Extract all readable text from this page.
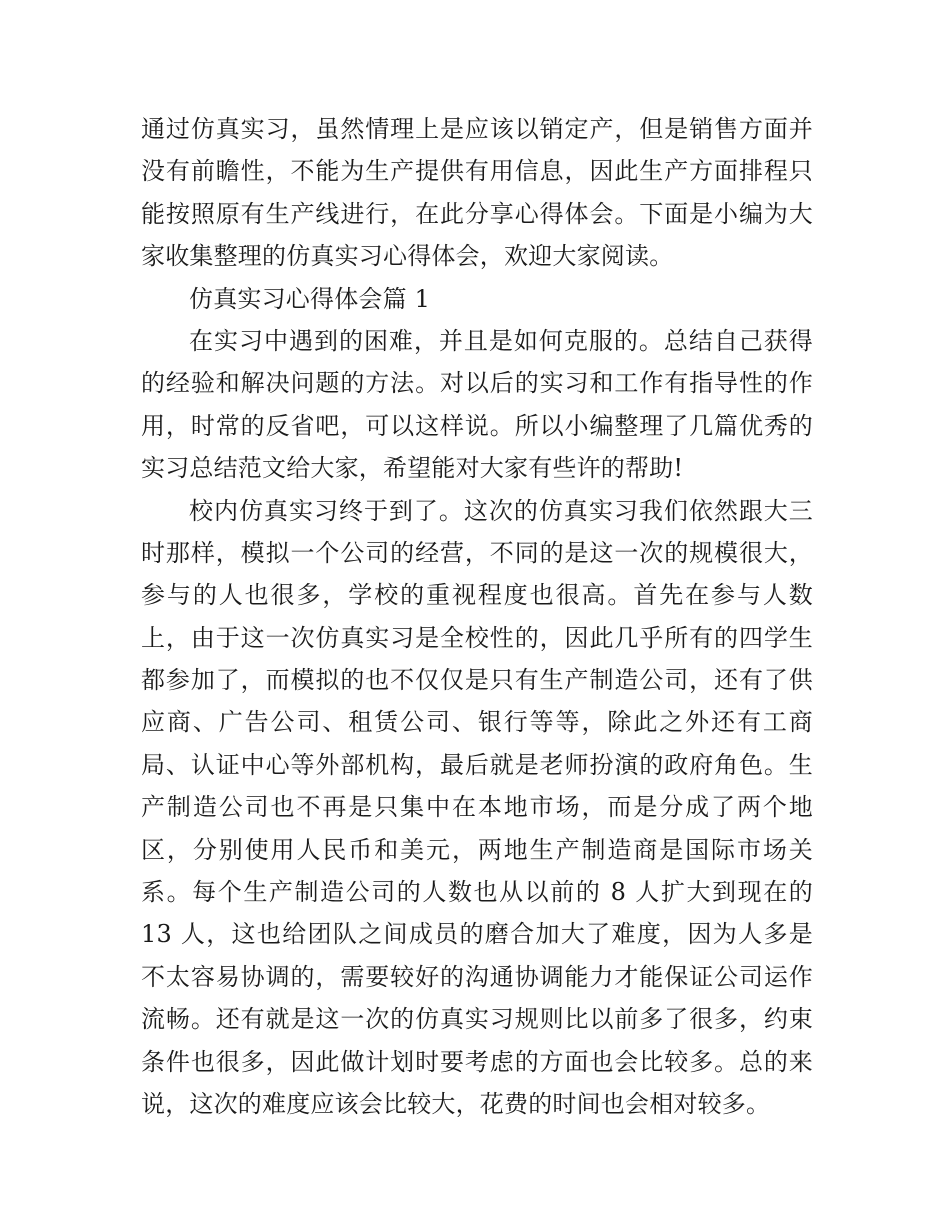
通过仿真实习，虽然情理上是应该以销定产，但是销售方面并
没有前瞻性，不能为生产提供有用信息，因此生产方面排程只
能按照原有生产线进行，在此分享心得体会。下面是小编为大
家收集整理的仿真实习心得体会，欢迎大家阅读。
仿真实习心得体会篇 1
在实习中遇到的困难，并且是如何克服的。总结自己获得
的经验和解决问题的方法。对以后的实习和工作有指导性的作
用，时常的反省吧，可以这样说。所以小编整理了几篇优秀的
实习总结范文给大家，希望能对大家有些许的帮助!
校内仿真实习终于到了。这次的仿真实习我们依然跟大三
时那样，模拟一个公司的经营，不同的是这一次的规模很大，
参与的人也很多，学校的重视程度也很高。首先在参与人数
上，由于这一次仿真实习是全校性的，因此几乎所有的四学生
都参加了，而模拟的也不仅仅是只有生产制造公司，还有了供
应商、广告公司、租赁公司、银行等等，除此之外还有工商
局、认证中心等外部机构，最后就是老师扮演的政府角色。生
产制造公司也不再是只集中在本地市场，而是分成了两个地
区，分别使用人民币和美元，两地生产制造商是国际市场关
系。每个生产制造公司的人数也从以前的 8 人扩大到现在的
13 人，这也给团队之间成员的磨合加大了难度，因为人多是
不太容易协调的，需要较好的沟通协调能力才能保证公司运作
流畅。还有就是这一次的仿真实习规则比以前多了很多，约束
条件也很多，因此做计划时要考虑的方面也会比较多。总的来
说，这次的难度应该会比较大，花费的时间也会相对较多。
